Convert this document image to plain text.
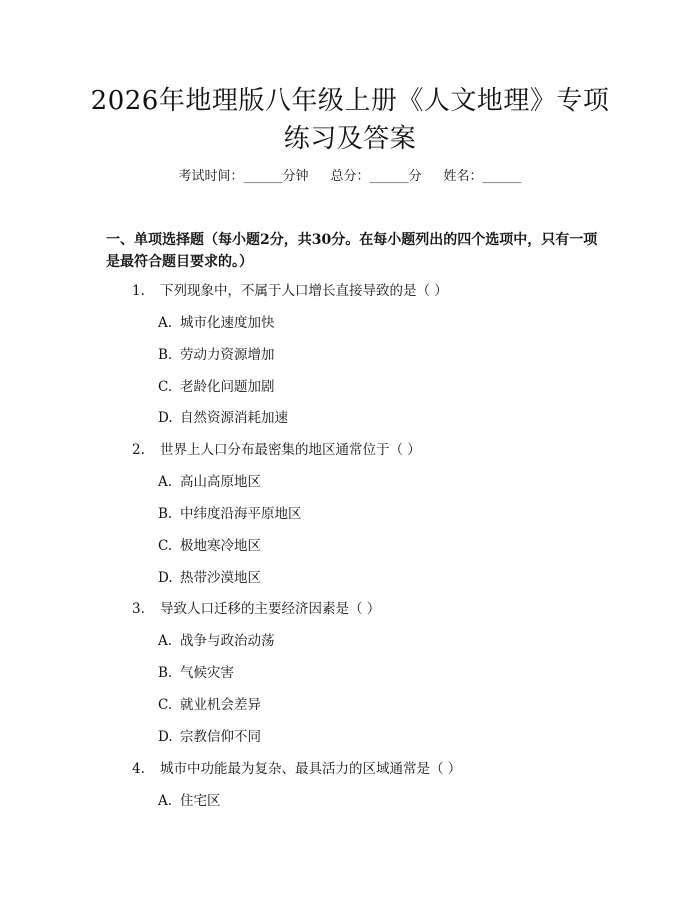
2026年地理版八年级上册《人文地理》专项
练习及答案
考试时间：______分钟 总分：______分 姓名：______
一、单项选择题（每小题2分，共30分。在每小题列出的四个选项中，只有一项
是最符合题目要求的。）
1. 下列现象中，不属于人口增长直接导致的是（ ）
A. 城市化速度加快
B. 劳动力资源增加
C. 老龄化问题加剧
D. 自然资源消耗加速
2. 世界上人口分布最密集的地区通常位于（ ）
A. 高山高原地区
B. 中纬度沿海平原地区
C. 极地寒冷地区
D. 热带沙漠地区
3. 导致人口迁移的主要经济因素是（ ）
A. 战争与政治动荡
B. 气候灾害
C. 就业机会差异
D. 宗教信仰不同
4. 城市中功能最为复杂、最具活力的区域通常是（ ）
A. 住宅区
